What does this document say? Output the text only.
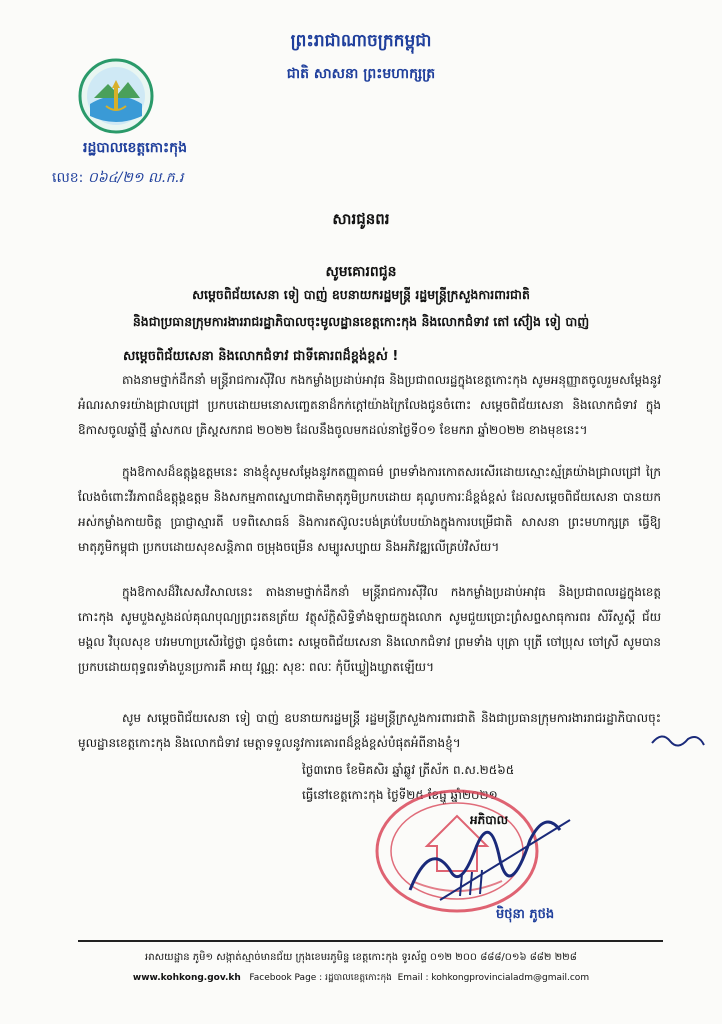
ព្រះរាជាណាចក្រកម្ពុជា
ជាតិ សាសនា ព្រះមហាក្សត្រ
រដ្ឋបាលខេត្តកោះកុង
លេខ: ០៦៤/២១ ល.ក.រ
សារជូនពរ
សូមគោរពជូន
សម្តេចពិជ័យសេនា ទៀ បាញ់ ឧបនាយករដ្ឋមន្ត្រី រដ្ឋមន្ត្រីក្រសួងការពារជាតិ
និងជាប្រធានក្រុមការងាររាជរដ្ឋាភិបាលចុះមូលដ្ឋានខេត្តកោះកុង និងលោកជំទាវ តៅ ស៊ៀង ទៀ បាញ់
សម្តេចពិជ័យសេនា និងលោកជំទាវ ជាទីគោរពដ៏ខ្ពង់ខ្ពស់ !

តាងនាមថ្នាក់ដឹកនាំ មន្ត្រីរាជការស៊ីវិល កងកម្លាំងប្រដាប់អាវុធ និងប្រជាពលរដ្ឋក្នុងខេត្តកោះកុង សូមអនុញ្ញាតចូលរួមសម្តែងនូវអំណរសាទរយ៉ាងជ្រាលជ្រៅ ប្រកបដោយមនោសញ្ចេតនាដ៏កក់ក្តៅយ៉ាងក្រៃលែងជូនចំពោះ សម្តេចពិជ័យសេនា និងលោកជំទាវ ក្នុងឱកាសចូលឆ្នាំថ្មី ឆ្នាំសកល គ្រិស្តសករាជ ២០២២ ដែលនឹងចូលមកដល់នាថ្ងៃទី០១ ខែមករា ឆ្នាំ២០២២ ខាងមុខនេះ។

ក្នុងឱកាសដ៏ឧត្តុង្គឧត្តមនេះ នាងខ្ញុំសូមសម្តែងនូវកតញ្ញុតាធម៌ ព្រមទាំងការកោតសរសើរដោយស្មោះស្ម័គ្រយ៉ាងជ្រាលជ្រៅ ក្រៃលែងចំពោះវីរភាពដ៏ឧត្តុង្គឧត្តម និងសកម្មភាពស្នេហាជាតិមាតុភូមិប្រកបដោយ គុណូបការៈដ៏ខ្ពង់ខ្ពស់ ដែលសម្តេចពិជ័យសេនា បានយកអស់កម្លាំងកាយចិត្ត ប្រាជ្ញាស្មារតី បទពិសោធន៍ និងការតស៊ូលះបង់គ្រប់បែបយ៉ាងក្នុងការបម្រើជាតិ សាសនា ព្រះមហាក្សត្រ ធ្វើឱ្យមាតុភូមិកម្ពុជា ប្រកបដោយសុខសន្តិភាព ចម្រុងចម្រើន សម្បូរសប្បាយ និងអភិវឌ្ឍលើគ្រប់វិស័យ។

ក្នុងឱកាសដ៏វិសេសវិសាលនេះ តាងនាមថ្នាក់ដឹកនាំ មន្ត្រីរាជការស៊ីវិល កងកម្លាំងប្រដាប់អាវុធ និងប្រជាពលរដ្ឋក្នុងខេត្តកោះកុង សូមបួងសួងដល់គុណបុណ្យព្រះរតនត្រ័យ វត្ថុស័ក្តិសិទ្ធិទាំងឡាយក្នុងលោក សូមជួយប្រោះព្រំសព្ទសាធុការពរ សិរីសួស្តី ជ័យមង្គល វិបុលសុខ បវរមហាប្រសើរថ្លៃថ្លា ជូនចំពោះ សម្តេចពិជ័យសេនា និងលោកជំទាវ ព្រមទាំង បុត្រា បុត្រី ចៅប្រុស ចៅស្រី សូមបានប្រកបដោយពុទ្ធពរទាំងបួនប្រការគឺ អាយុ វណ្ណៈ សុខៈ ពលៈ កុំបីឃ្លៀងឃ្លាតឡើយ។

សូម សម្តេចពិជ័យសេនា ទៀ បាញ់ ឧបនាយករដ្ឋមន្ត្រី រដ្ឋមន្ត្រីក្រសួងការពារជាតិ និងជាប្រធានក្រុមការងាររាជរដ្ឋាភិបាលចុះមូលដ្ឋានខេត្តកោះកុង និងលោកជំទាវ មេត្តាទទួលនូវការគោរពដ៏ខ្ពង់ខ្ពស់បំផុតអំពីនាងខ្ញុំ។

ថ្ងៃ៣រោច ខែមិគសិរ ឆ្នាំឆ្លូវ ត្រីស័ក ព.ស.២៥៦៥
ធ្វើនៅខេត្តកោះកុង ថ្ងៃទី២៥ ខែធ្នូ ឆ្នាំ២០២១
អភិបាល
មិថុនា ភូថង
អាសយដ្ឋាន ភូមិ១ សង្កាត់ស្មាច់មានជ័យ ក្រុងខេមរភូមិន្ទ ខេត្តកោះកុង ទូរស័ព្ទ ០១២ ២០០ ៨៨៨/០១៦ ៨៨២ ២២៨
www.kohkong.gov.kh Facebook Page : រដ្ឋបាលខេត្តកោះកុង Email : kohkongprovincialadm@gmail.com
